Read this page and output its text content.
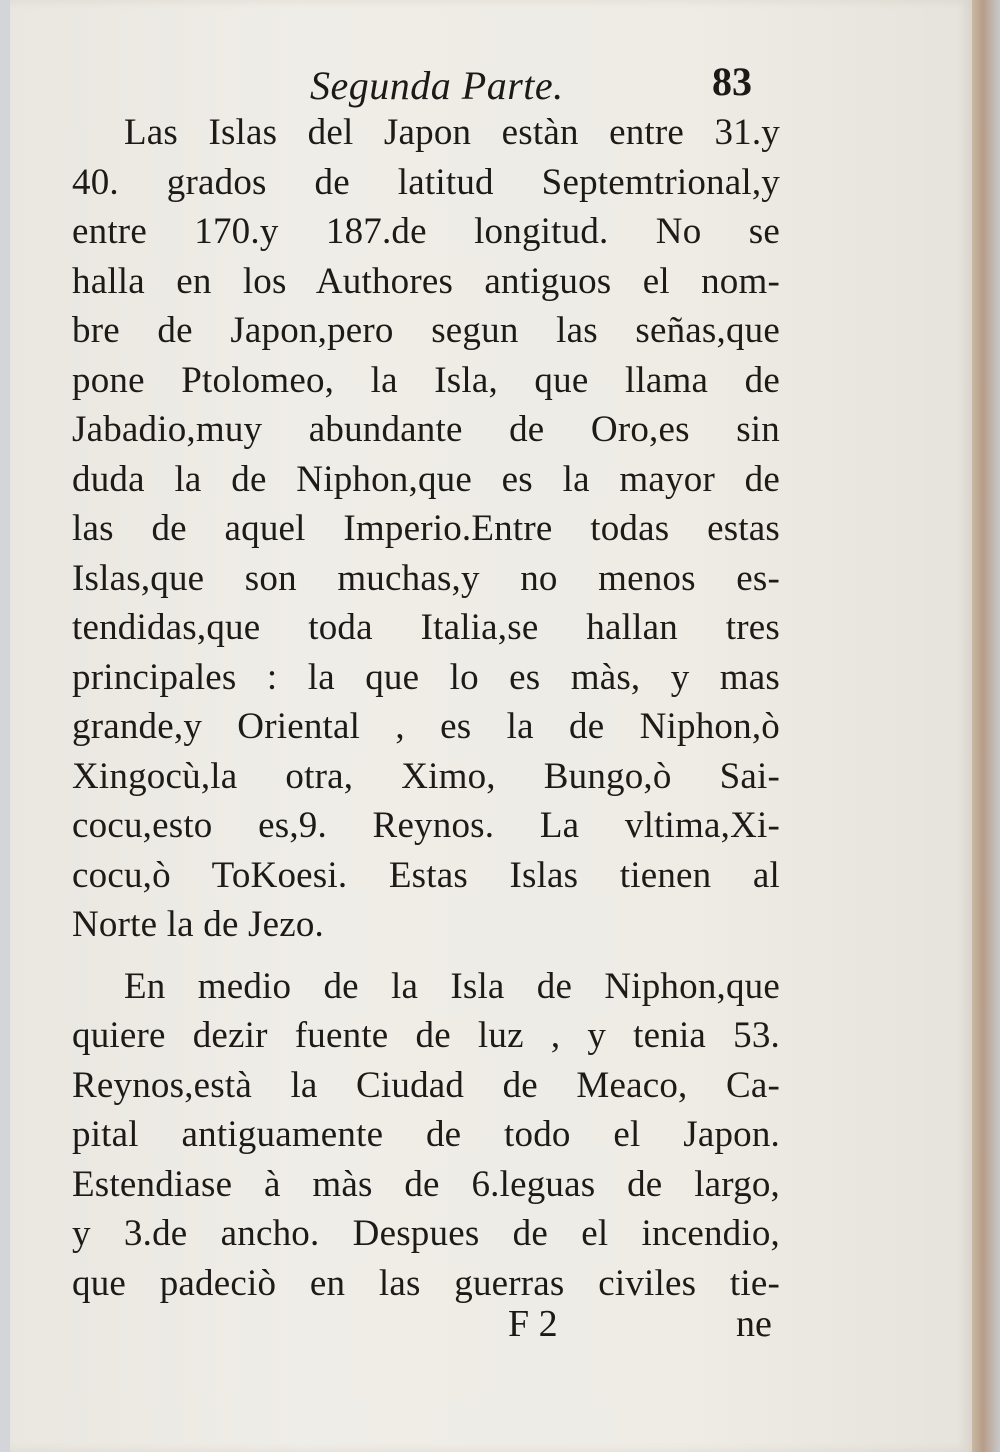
Segunda Parte.	83
Las Islas del Japon estàn entre 31.y
40. grados de latitud Septemtrional,y
entre 170.y 187.de longitud. No se
halla en los Authores antiguos el nom-
bre de Japon,pero segun las señas,que
pone Ptolomeo, la Isla, que llama de
Jabadio,muy abundante de Oro,es sin
duda la de Niphon,que es la mayor de
las de aquel Imperio.Entre todas estas
Islas,que son muchas,y no menos es-
tendidas,que toda Italia,se hallan tres
principales : la que lo es màs, y mas
grande,y Oriental , es la de Niphon,ò
Xingocù,la otra, Ximo, Bungo,ò Sai-
cocu,esto es,9. Reynos. La vltima,Xi-
cocu,ò ToKoesi. Estas Islas tienen al
Norte la de Jezo.
En medio de la Isla de Niphon,que
quiere dezir fuente de luz , y tenia 53.
Reynos,està la Ciudad de Meaco, Ca-
pital antiguamente de todo el Japon.
Estendiase à màs de 6.leguas de largo,
y 3.de ancho. Despues de el incendio,
que padeciò en las guerras civiles tie-
F 2	ne
